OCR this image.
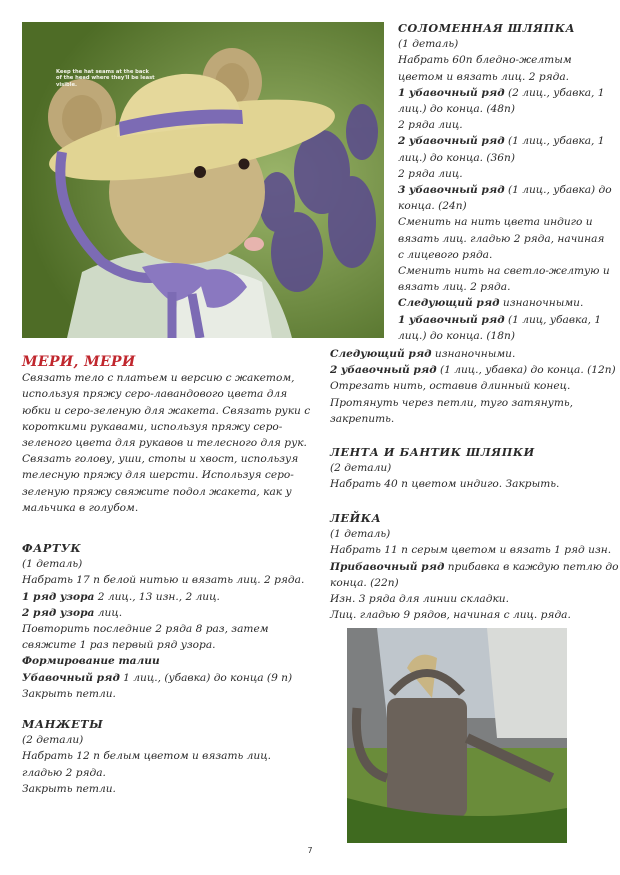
Keep the hat seams at the back of the head where they'll be least visible.
СОЛОМЕННАЯ ШЛЯПКА
(1 деталь)
Набрать 60п бледно-желтым
цветом и вязать лиц. 2 ряда.
1 убавочный ряд (2 лиц., убавка, 1
лиц.) до конца. (48п)
2 ряда лиц.
2 убавочный ряд (1 лиц., убавка, 1
лиц.) до конца. (36п)
2 ряда лиц.
3 убавочный ряд (1 лиц., убавка) до
конца. (24п)
Сменить на нить цвета индиго и
вязать лиц. гладью 2 ряда, начиная
с лицевого ряда.
Сменить нить на светло-желтую и
вязать лиц. 2 ряда.
Следующий ряд изнаночными.
1 убавочный ряд (1 лиц, убавка, 1
лиц.) до конца. (18п)
Следующий ряд изнаночными.
2 убавочный ряд (1 лиц., убавка) до конца. (12п)
Отрезать нить, оставив длинный конец.
Протянуть через петли, туго затянуть,
закрепить.
ЛЕНТА И БАНТИК ШЛЯПКИ
(2 детали)
Набрать 40 п цветом индиго. Закрыть.
ЛЕЙКА
(1 деталь)
Набрать 11 п серым цветом и вязать 1 ряд изн.
Прибавочный ряд прибавка в каждую петлю до
конца. (22п)
Изн. 3 ряда для линии складки.
Лиц. гладью 9 рядов, начиная с лиц. ряда.
МЕРИ, МЕРИ
Связать тело с платьем и версию с жакетом,
используя пряжу серо-лавандового цвета для
юбки и серо-зеленую для жакета. Связать руки с
короткими рукавами, используя пряжу серо-
зеленого цвета для рукавов и телесного для рук.
Связать голову, уши, стопы и хвост, используя
телесную пряжу для шерсти. Используя серо-
зеленую пряжу свяжите подол жакета, как у
мальчика в голубом.
ФАРТУК
(1 деталь)
Набрать 17 п белой нитью и вязать лиц. 2 ряда.
1 ряд узора 2 лиц., 13 изн., 2 лиц.
2 ряд узора лиц.
Повторить последние 2 ряда 8 раз, затем
свяжите 1 раз первый ряд узора.
Формирование талии
Убавочный ряд 1 лиц., (убавка) до конца (9 п)
Закрыть петли.
МАНЖЕТЫ
(2 детали)
Набрать 12 п белым цветом и вязать лиц.
гладью 2 ряда.
Закрыть петли.
7
